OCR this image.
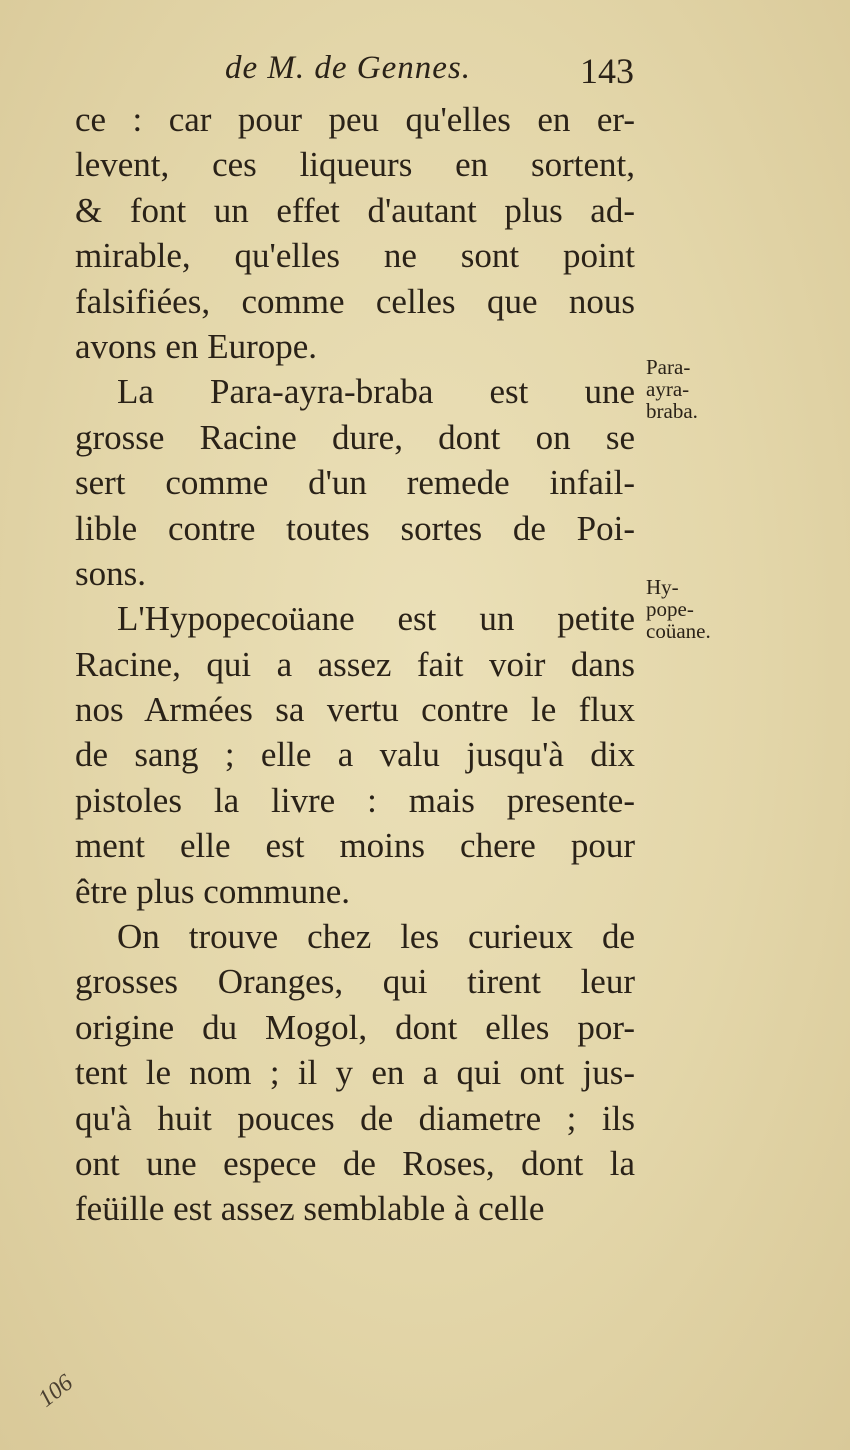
de M. de Gennes.	143
ce : car pour peu qu'elles en er-
levent, ces liqueurs en sortent,
& font un effet d'autant plus ad-
mirable, qu'elles ne sont point
falsifiées, comme celles que nous
avons en Europe.
La Para-ayra-braba est une
grosse Racine dure, dont on se
sert comme d'un remede infail-
lible contre toutes sortes de Poi-
sons.
L'Hypopecoüane est un petite
Racine, qui a assez fait voir dans
nos Armées sa vertu contre le flux
de sang ; elle a valu jusqu'à dix
pistoles la livre : mais presente-
ment elle est moins chere pour
être plus commune.
On trouve chez les curieux de
grosses Oranges, qui tirent leur
origine du Mogol, dont elles por-
tent le nom ; il y en a qui ont jus-
qu'à huit pouces de diametre ; ils
ont une espece de Roses, dont la
feüille est assez semblable à celle
Para-
ayra-
braba.
Hy-
pope-
coüane.
106
